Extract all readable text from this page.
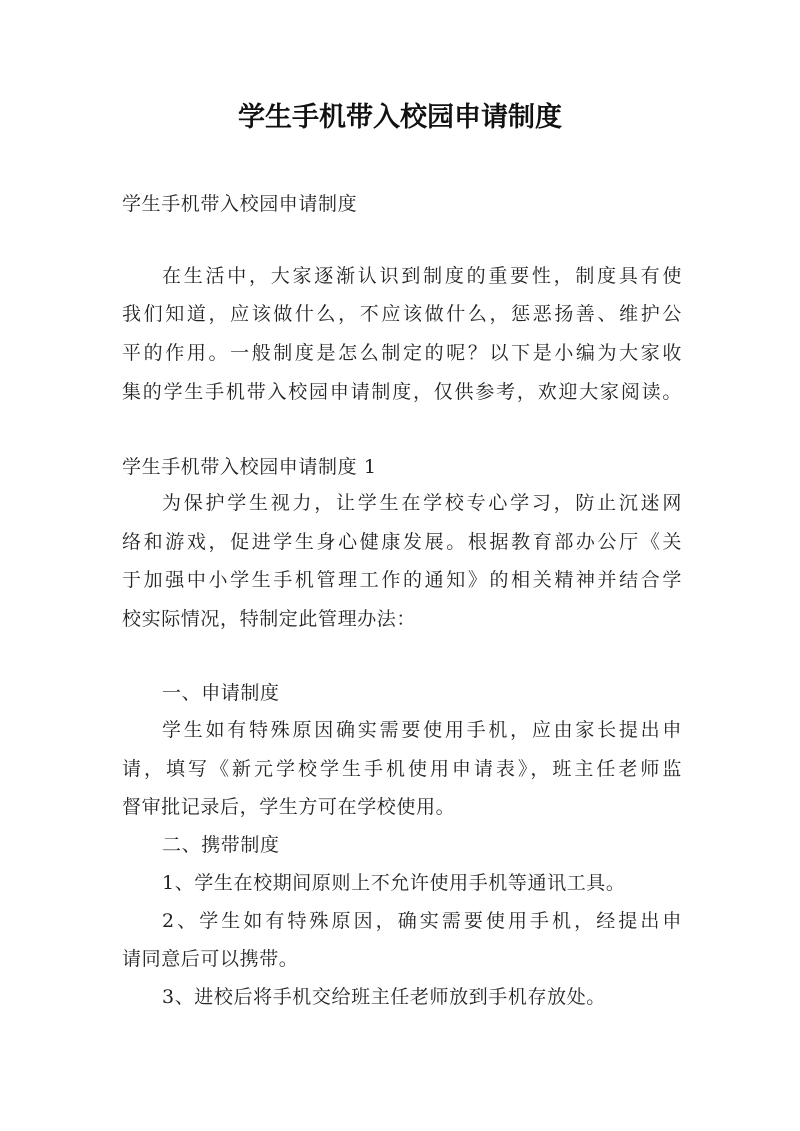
学生手机带入校园申请制度
学生手机带入校园申请制度
在生活中，大家逐渐认识到制度的重要性，制度具有使
我们知道，应该做什么，不应该做什么，惩恶扬善、维护公
平的作用。一般制度是怎么制定的呢？以下是小编为大家收
集的学生手机带入校园申请制度，仅供参考，欢迎大家阅读。
学生手机带入校园申请制度 1
为保护学生视力，让学生在学校专心学习，防止沉迷网
络和游戏，促进学生身心健康发展。根据教育部办公厅《关
于加强中小学生手机管理工作的通知》的相关精神并结合学
校实际情况，特制定此管理办法：
一、申请制度
学生如有特殊原因确实需要使用手机，应由家长提出申
请，填写《新元学校学生手机使用申请表》，班主任老师监
督审批记录后，学生方可在学校使用。
二、携带制度
1、学生在校期间原则上不允许使用手机等通讯工具。
2、学生如有特殊原因，确实需要使用手机，经提出申
请同意后可以携带。
3、进校后将手机交给班主任老师放到手机存放处。
